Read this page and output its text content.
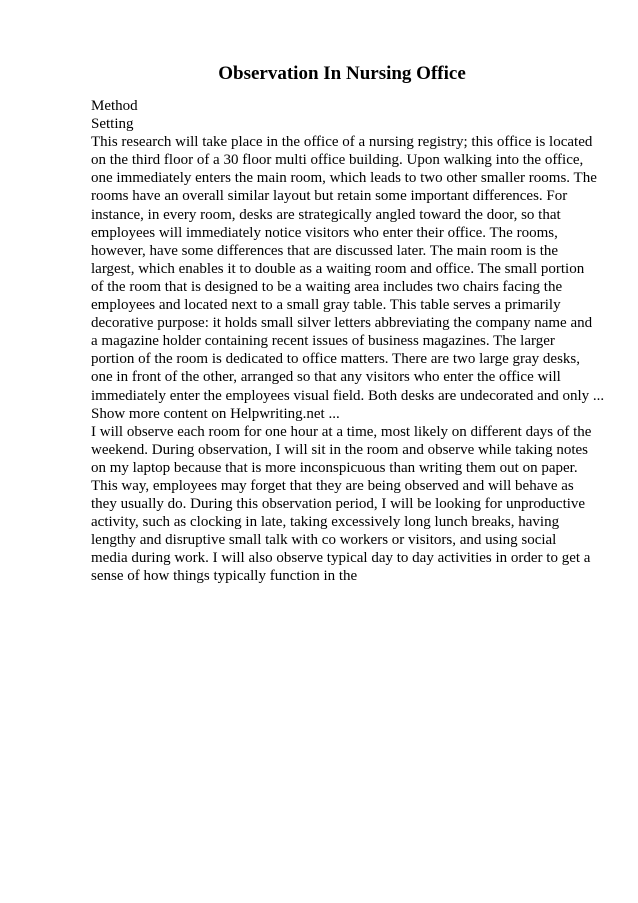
Observation In Nursing Office

Method

Setting

This research will take place in the office of a nursing registry; this office is located

on the third floor of a 30 floor multi office building. Upon walking into the office,

one immediately enters the main room, which leads to two other smaller rooms. The

rooms have an overall similar layout but retain some important differences. For

instance, in every room, desks are strategically angled toward the door, so that

employees will immediately notice visitors who enter their office. The rooms,

however, have some differences that are discussed later. The main room is the

largest, which enables it to double as a waiting room and office. The small portion

of the room that is designed to be a waiting area includes two chairs facing the

employees and located next to a small gray table. This table serves a primarily

decorative purpose: it holds small silver letters abbreviating the company name and

a magazine holder containing recent issues of business magazines. The larger

portion of the room is dedicated to office matters. There are two large gray desks,

one in front of the other, arranged so that any visitors who enter the office will

immediately enter the employees visual field. Both desks are undecorated and only ...

Show more content on Helpwriting.net ...

I will observe each room for one hour at a time, most likely on different days of the

weekend. During observation, I will sit in the room and observe while taking notes

on my laptop because that is more inconspicuous than writing them out on paper.

This way, employees may forget that they are being observed and will behave as

they usually do. During this observation period, I will be looking for unproductive

activity, such as clocking in late, taking excessively long lunch breaks, having

lengthy and disruptive small talk with co workers or visitors, and using social

media during work. I will also observe typical day to day activities in order to get a

sense of how things typically function in the
